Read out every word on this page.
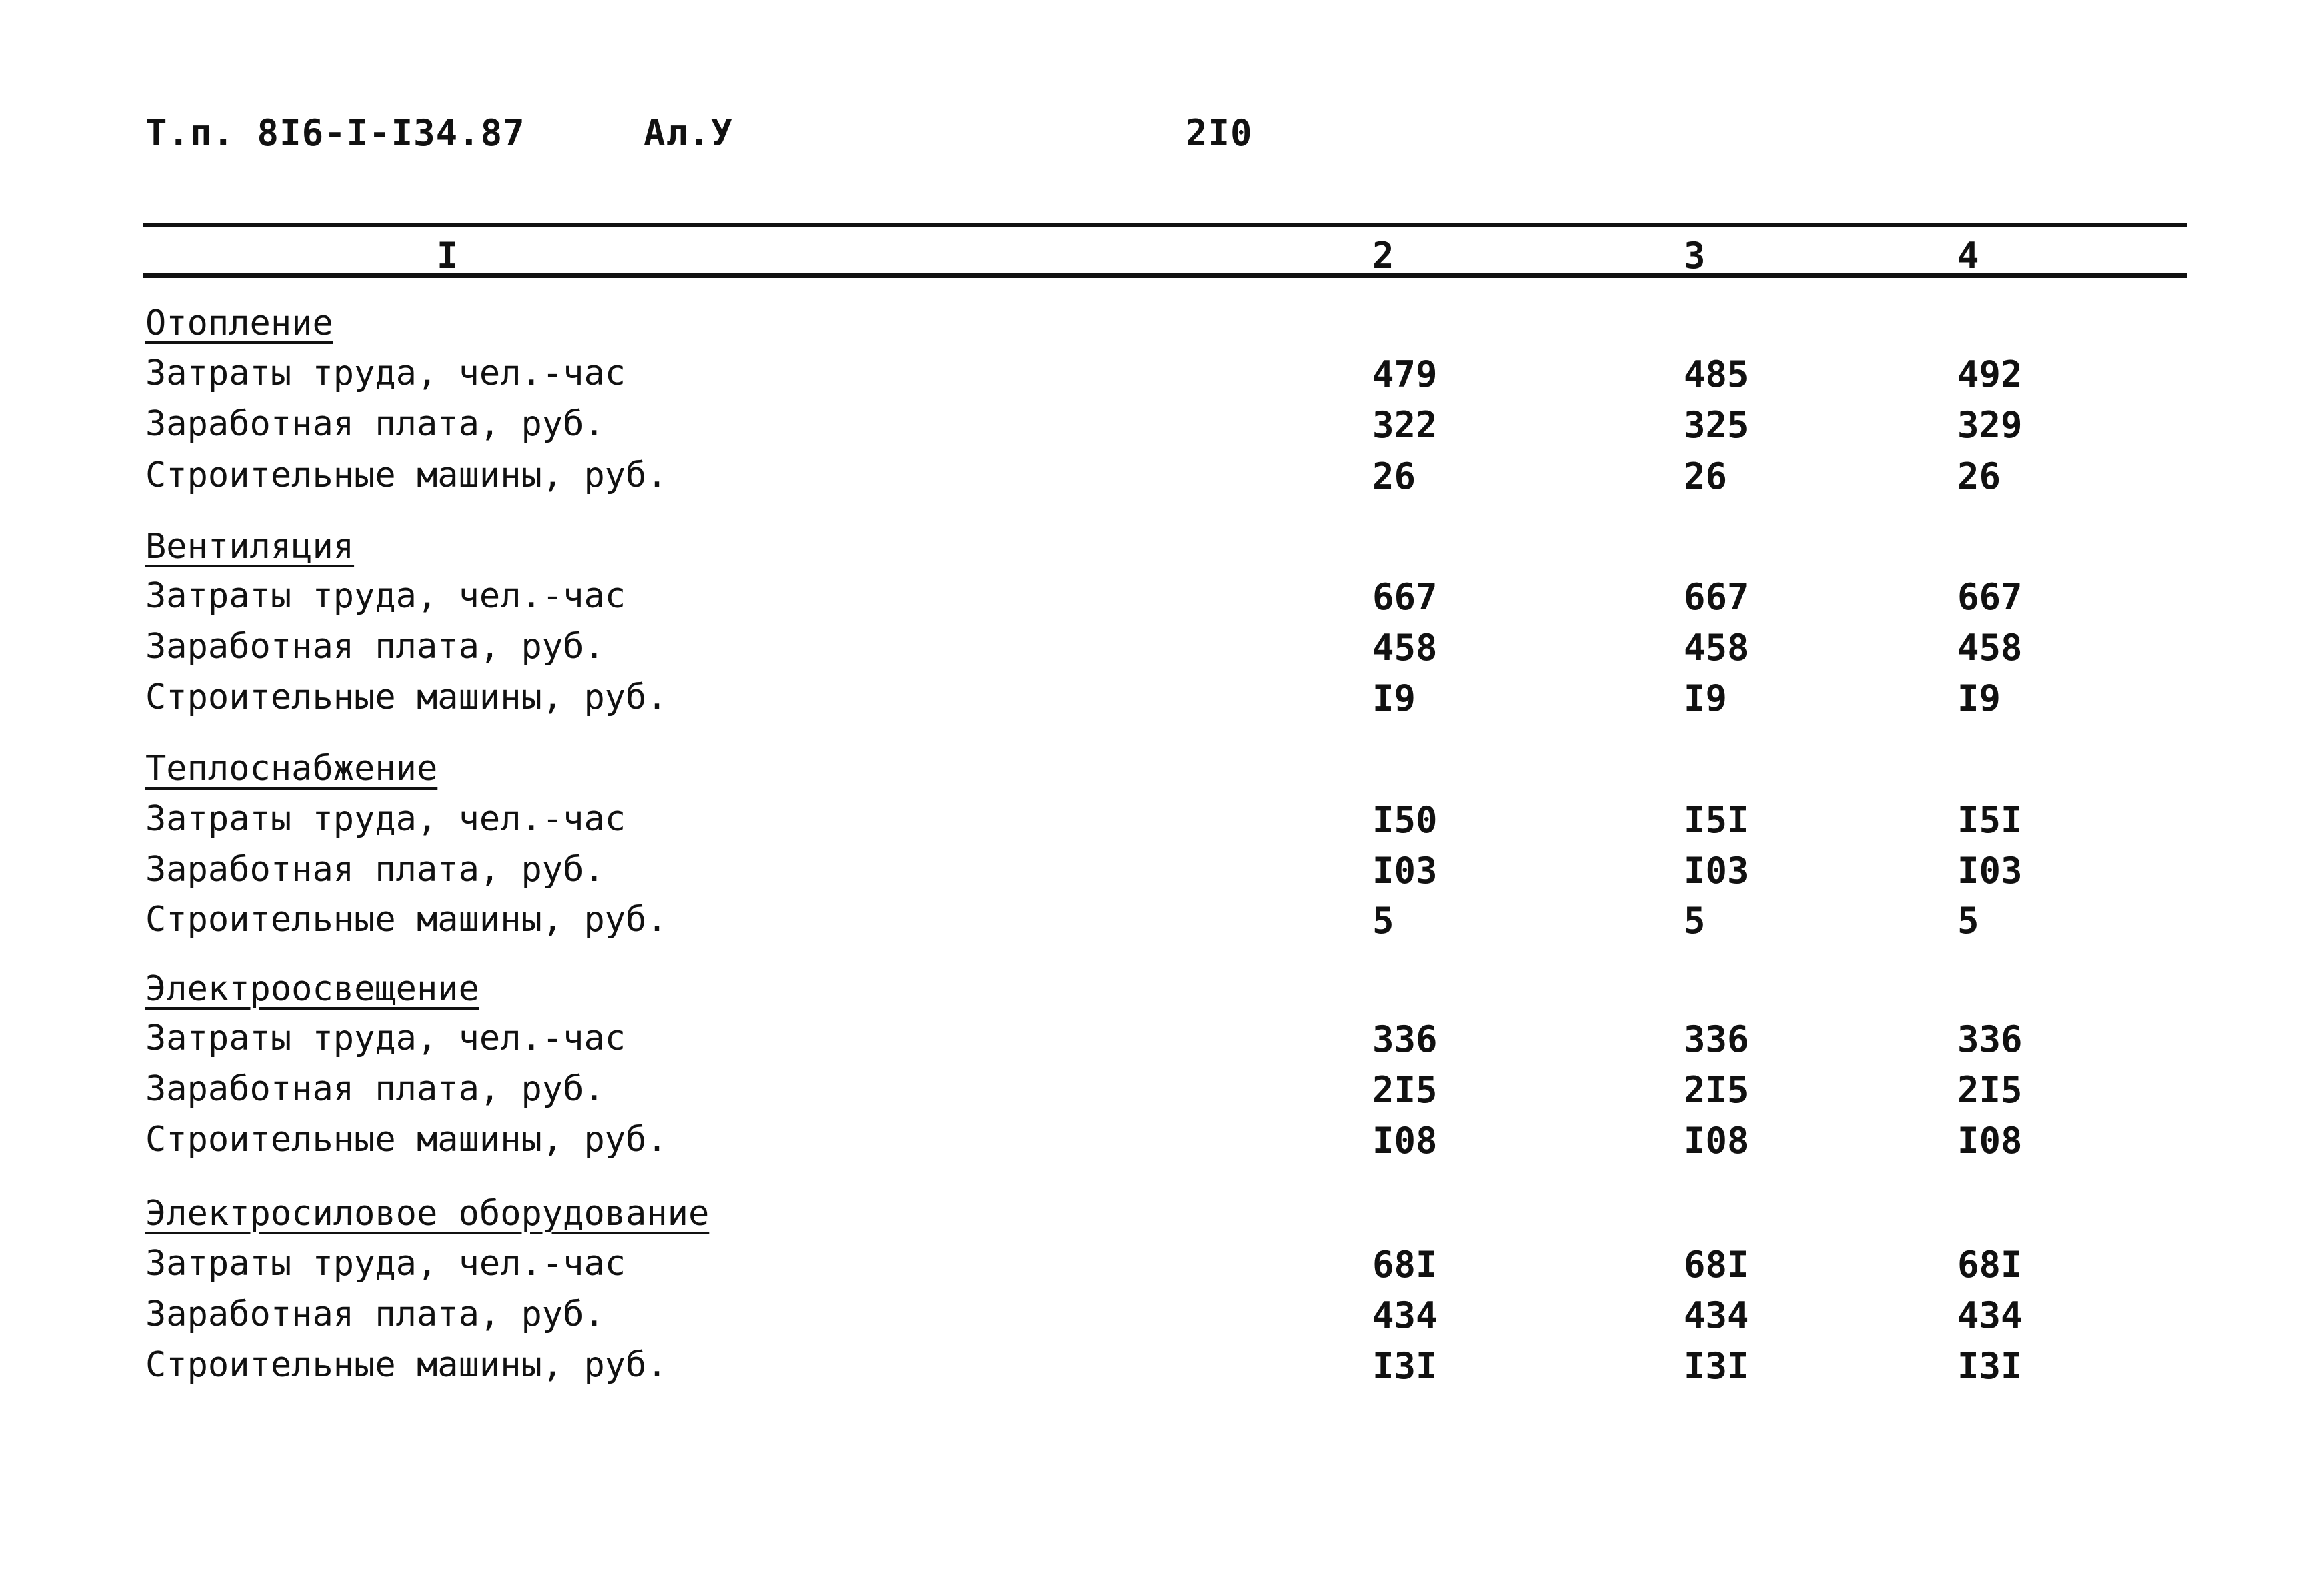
Т.п. 8I6-I-I34.87	Ал.У	2I0
I	2	3	4
Отопление
Затраты труда, чел.-час	479	485	492
Заработная плата, руб.	322	325	329
Строительные машины, руб.	26	26	26
Вентиляция
Затраты труда, чел.-час	667	667	667
Заработная плата, руб.	458	458	458
Строительные машины, руб.	I9	I9	I9
Теплоснабжение
Затраты труда, чел.-час	I50	I5I	I5I
Заработная плата, руб.	I03	I03	I03
Строительные машины, руб.	5	5	5
Электроосвещение
Затраты труда, чел.-час	336	336	336
Заработная плата, руб.	2I5	2I5	2I5
Строительные машины, руб.	I08	I08	I08
Электросиловое оборудование
Затраты труда, чел.-час	68I	68I	68I
Заработная плата, руб.	434	434	434
Строительные машины, руб.	I3I	I3I	I3I
